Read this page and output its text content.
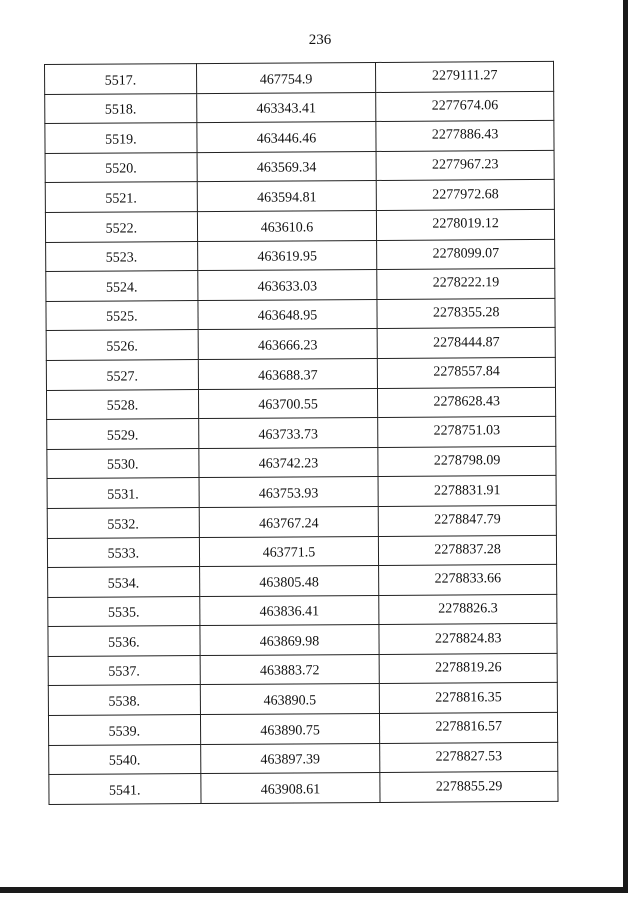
236
5517.	467754.9	2279111.27
5518.	463343.41	2277674.06
5519.	463446.46	2277886.43
5520.	463569.34	2277967.23
5521.	463594.81	2277972.68
5522.	463610.6	2278019.12
5523.	463619.95	2278099.07
5524.	463633.03	2278222.19
5525.	463648.95	2278355.28
5526.	463666.23	2278444.87
5527.	463688.37	2278557.84
5528.	463700.55	2278628.43
5529.	463733.73	2278751.03
5530.	463742.23	2278798.09
5531.	463753.93	2278831.91
5532.	463767.24	2278847.79
5533.	463771.5	2278837.28
5534.	463805.48	2278833.66
5535.	463836.41	2278826.3
5536.	463869.98	2278824.83
5537.	463883.72	2278819.26
5538.	463890.5	2278816.35
5539.	463890.75	2278816.57
5540.	463897.39	2278827.53
5541.	463908.61	2278855.29
